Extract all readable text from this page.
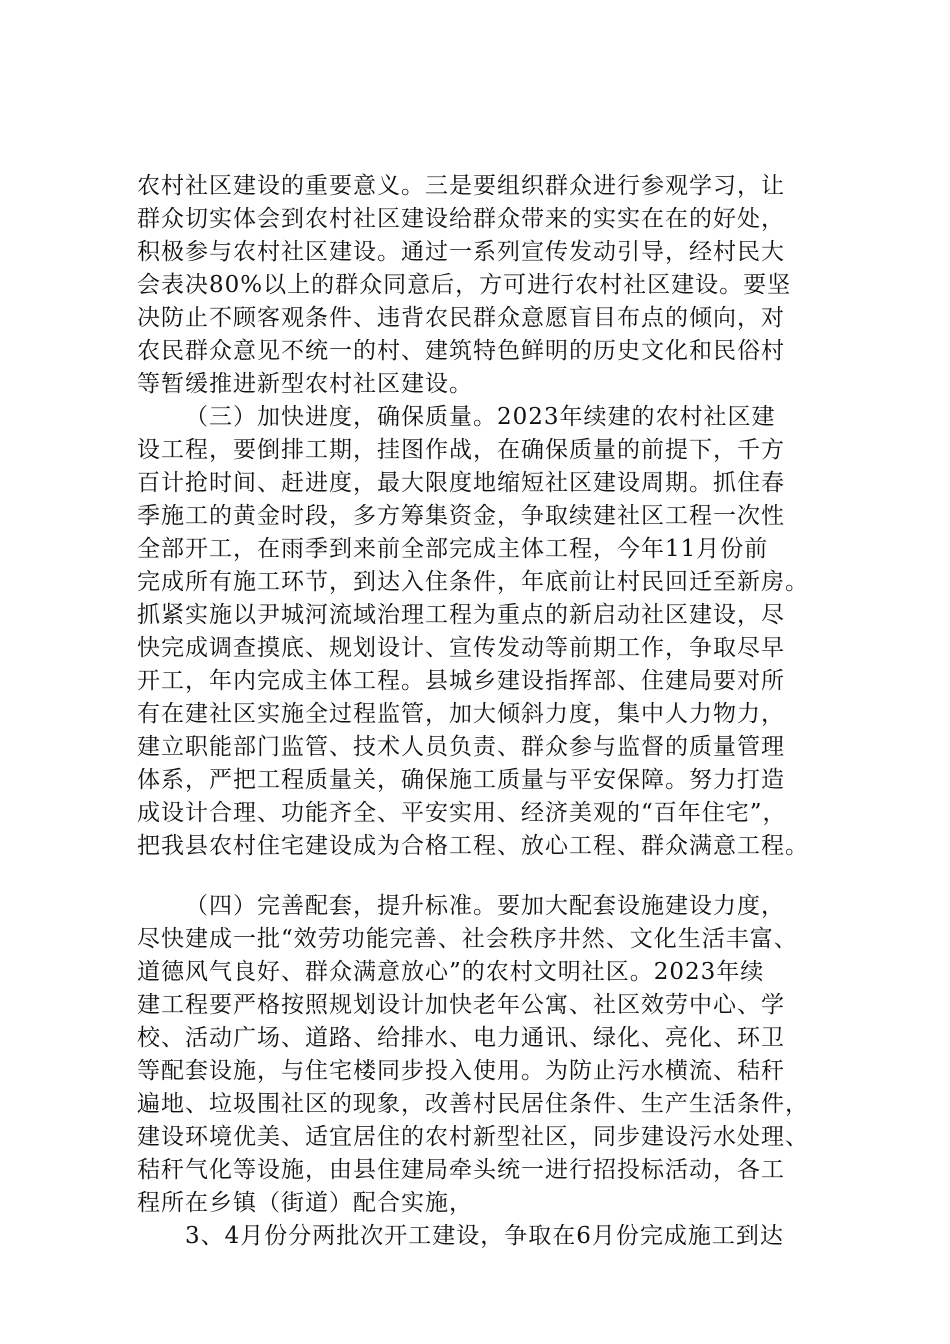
农村社区建设的重要意义。三是要组织群众进行参观学习，让

群众切实体会到农村社区建设给群众带来的实实在在的好处，

积极参与农村社区建设。通过一系列宣传发动引导，经村民大

会表决80%以上的群众同意后，方可进行农村社区建设。要坚

决防止不顾客观条件、违背农民群众意愿盲目布点的倾向，对

农民群众意见不统一的村、建筑特色鲜明的历史文化和民俗村

等暂缓推进新型农村社区建设。

（三）加快进度，确保质量。2023年续建的农村社区建

设工程，要倒排工期，挂图作战，在确保质量的前提下，千方

百计抢时间、赶进度，最大限度地缩短社区建设周期。抓住春

季施工的黄金时段，多方筹集资金，争取续建社区工程一次性

全部开工，在雨季到来前全部完成主体工程，今年11月份前

完成所有施工环节，到达入住条件，年底前让村民回迁至新房。

抓紧实施以尹城河流域治理工程为重点的新启动社区建设，尽

快完成调查摸底、规划设计、宣传发动等前期工作，争取尽早

开工，年内完成主体工程。县城乡建设指挥部、住建局要对所

有在建社区实施全过程监管，加大倾斜力度，集中人力物力，

建立职能部门监管、技术人员负责、群众参与监督的质量管理

体系，严把工程质量关，确保施工质量与平安保障。努力打造

成设计合理、功能齐全、平安实用、经济美观的“百年住宅”，

把我县农村住宅建设成为合格工程、放心工程、群众满意工程。

（四）完善配套，提升标准。要加大配套设施建设力度，

尽快建成一批“效劳功能完善、社会秩序井然、文化生活丰富、

道德风气良好、群众满意放心”的农村文明社区。2023年续

建工程要严格按照规划设计加快老年公寓、社区效劳中心、学

校、活动广场、道路、给排水、电力通讯、绿化、亮化、环卫

等配套设施，与住宅楼同步投入使用。为防止污水横流、秸秆

遍地、垃圾围社区的现象，改善村民居住条件、生产生活条件，

建设环境优美、适宜居住的农村新型社区，同步建设污水处理、

秸秆气化等设施，由县住建局牵头统一进行招投标活动，各工

程所在乡镇（街道）配合实施，

3、4月份分两批次开工建设，争取在6月份完成施工到达
